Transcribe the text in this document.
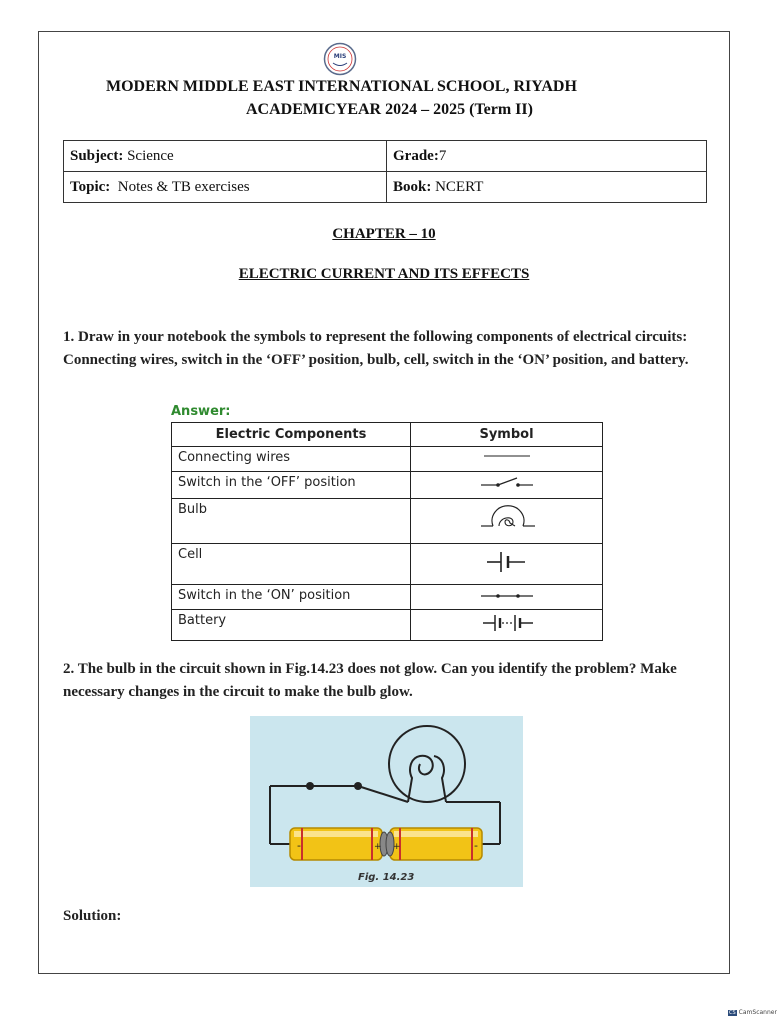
MIS
MODERN MIDDLE EAST INTERNATIONAL SCHOOL, RIYADH
ACADEMICYEAR 2024 – 2025 (Term II)
Subject: Science	Grade:7
Topic: Notes & TB exercises	Book: NCERT
CHAPTER – 10
ELECTRIC CURRENT AND ITS EFFECTS
1. Draw in your notebook the symbols to represent the following components of electrical circuits: Connecting wires, switch in the ‘OFF’ position, bulb, cell, switch in the ‘ON’ position, and battery.
Answer:
Electric Components	Symbol
Connecting wires	
Switch in the ‘OFF’ position	
Bulb	
Cell	
Switch in the ‘ON’ position	
Battery	
2. The bulb in the circuit shown in Fig.14.23 does not glow. Can you identify the problem? Make necessary changes in the circuit to make the bulb glow.
-	+ +	-
Fig. 14.23
Solution:
CS CamScanner
